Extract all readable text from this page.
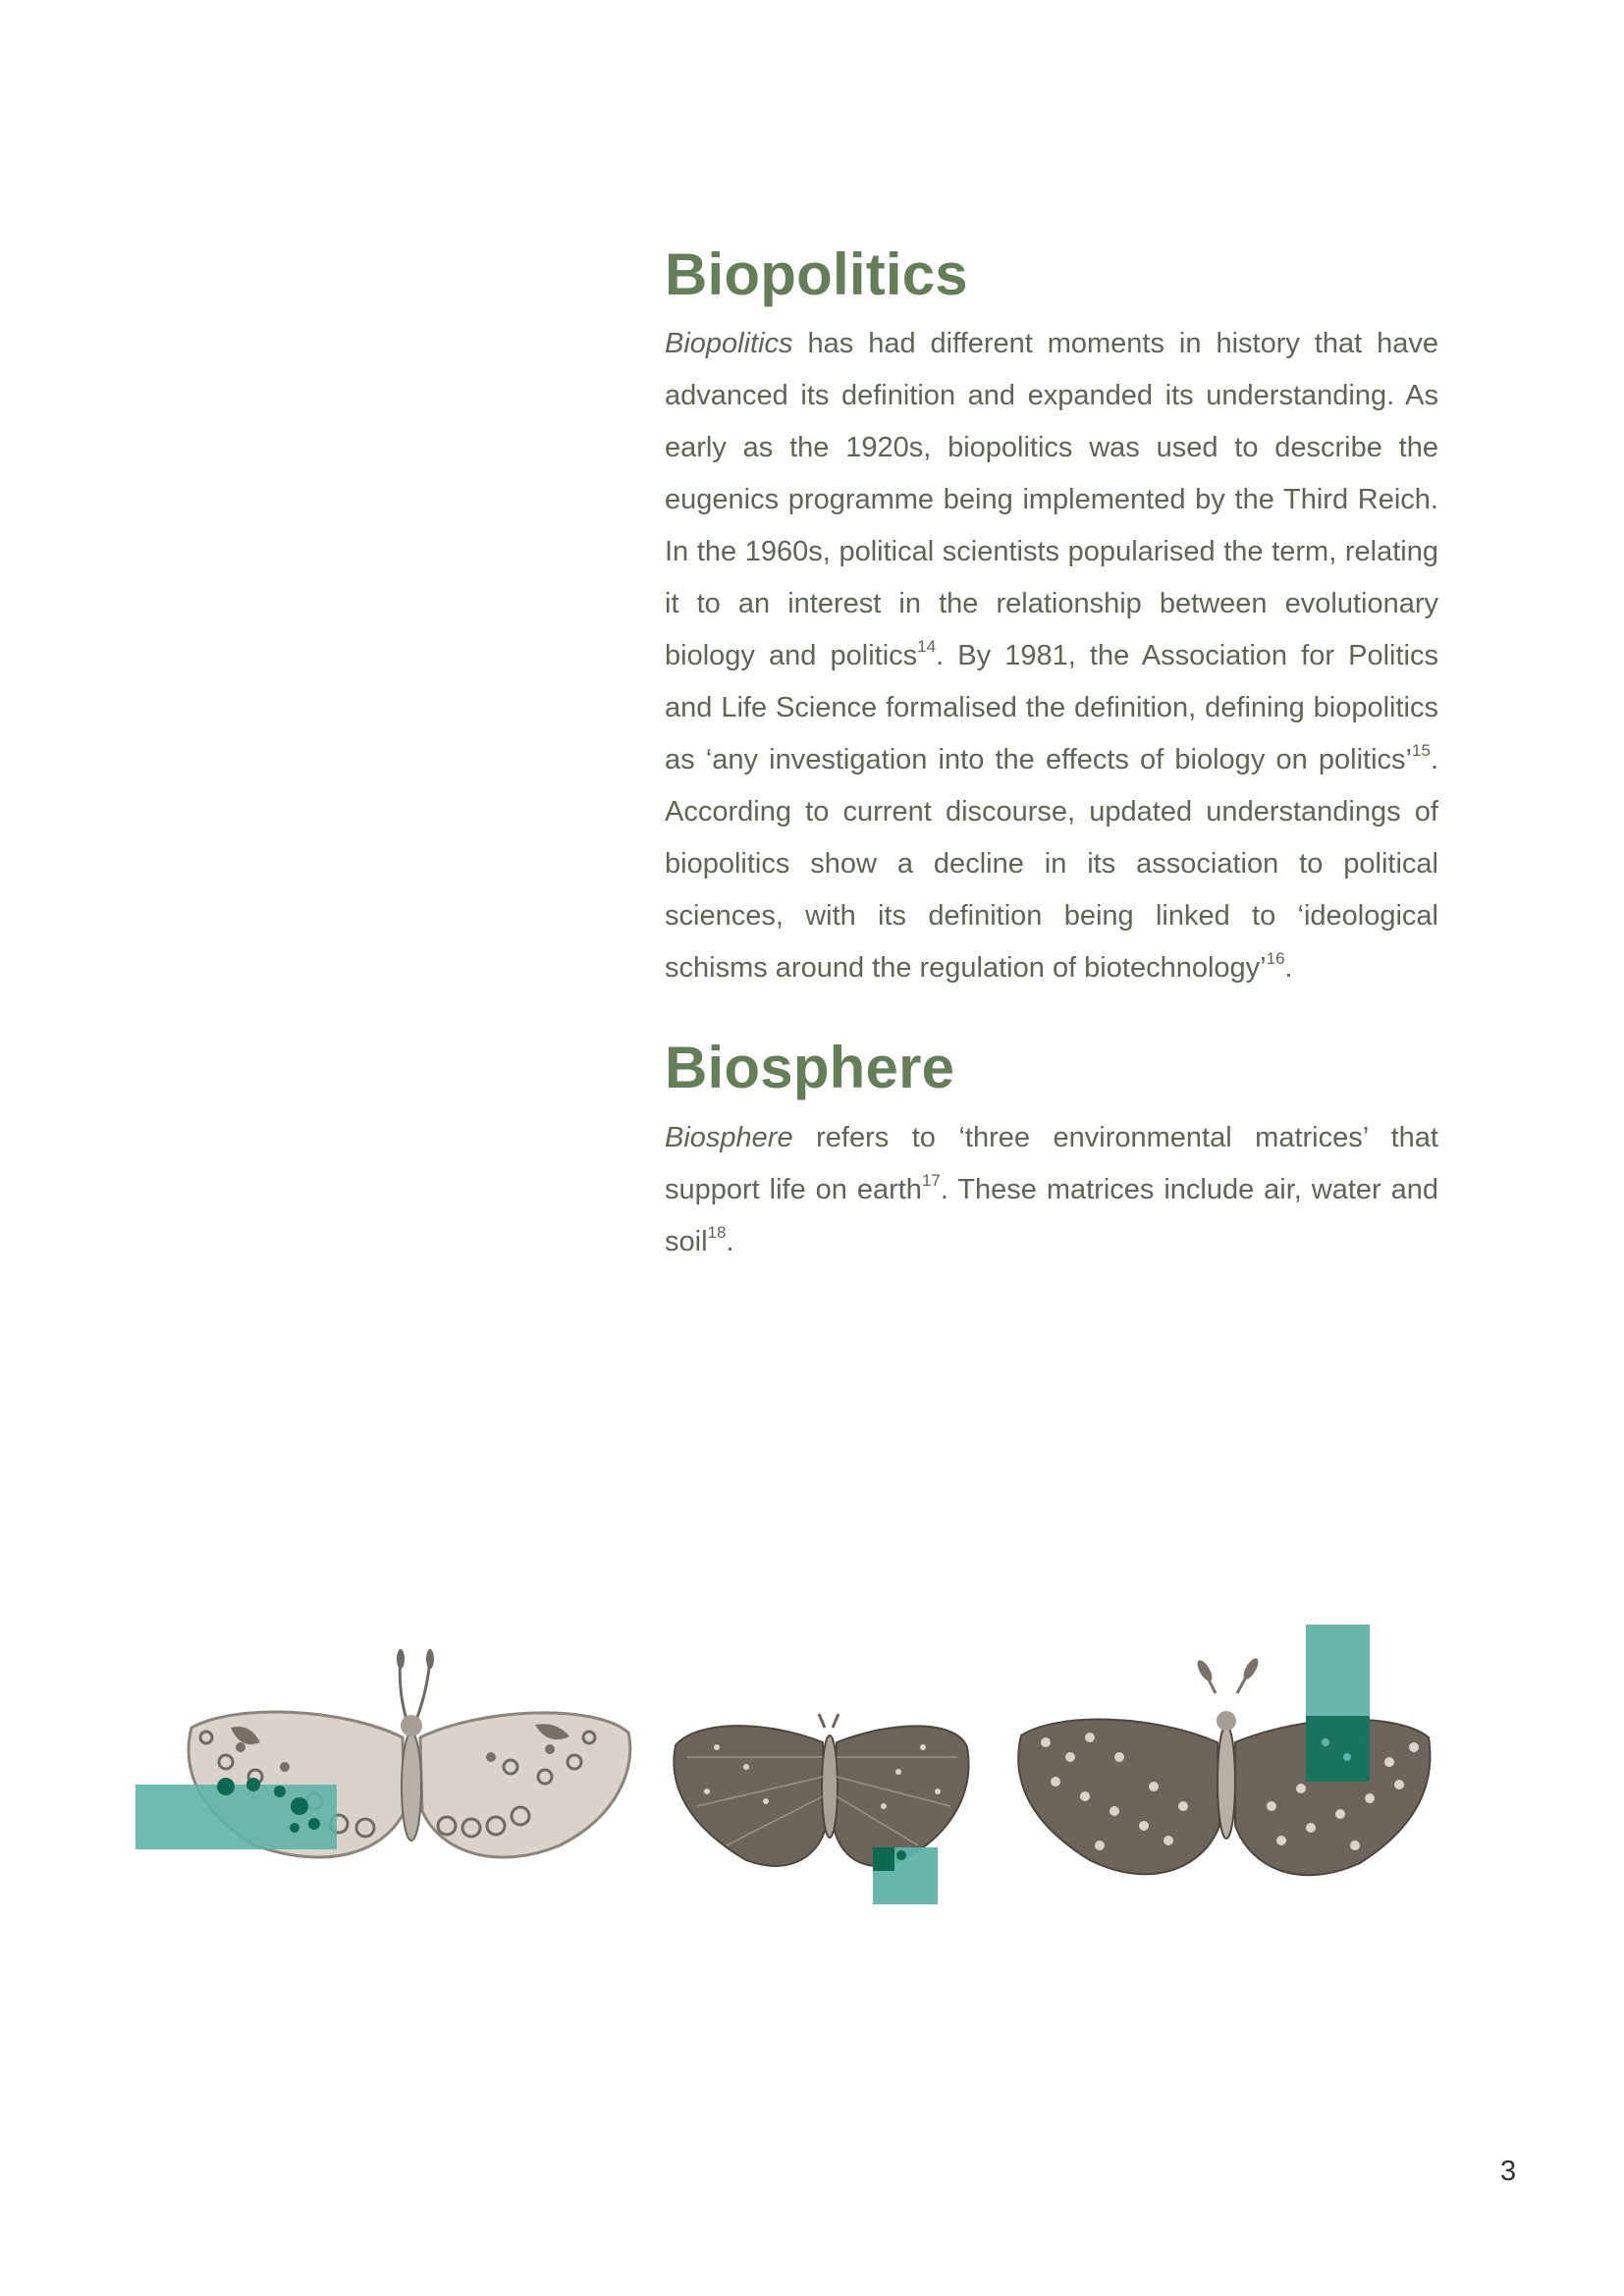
Biopolitics

Biopolitics has had different moments in history that have advanced its definition and expanded its understanding. As early as the 1920s, biopolitics was used to describe the eugenics programme being implemented by the Third Reich. In the 1960s, political scientists popularised the term, relating it to an interest in the relationship between evolutionary biology and politics$^{14}$. By 1981, the Association for Politics and Life Science formalised the definition, defining biopolitics as ‘any investigation into the effects of biology on politics’$^{15}$. According to current discourse, updated understandings of biopolitics show a decline in its association to political sciences, with its definition being linked to ‘ideological schisms around the regulation of biotechnology’$^{16}$.

Biosphere

Biosphere refers to ‘three environmental matrices’ that support life on earth$^{17}$. These matrices include air, water and soil$^{18}$.

3
